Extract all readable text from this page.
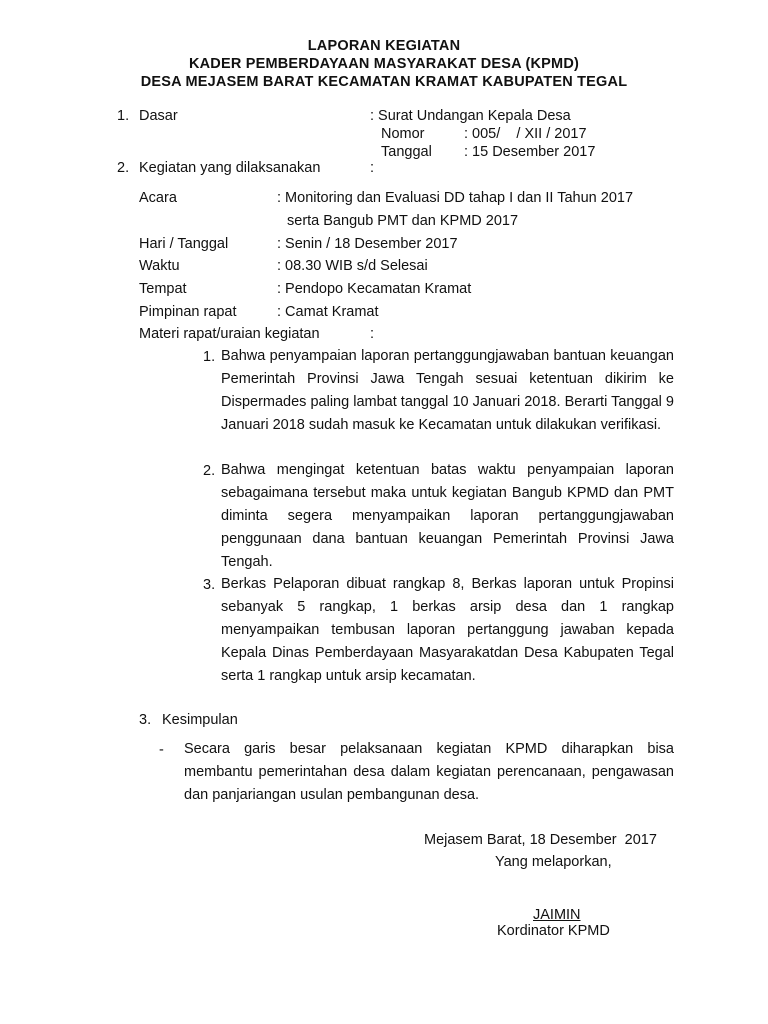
LAPORAN KEGIATAN
KADER PEMBERDAYAAN MASYARAKAT DESA (KPMD)
DESA MEJASEM BARAT KECAMATAN KRAMAT KABUPATEN TEGAL
1. Dasar	: Surat Undangan Kepala Desa
Nomor	: 005/    / XII / 2017
Tanggal : 15 Desember 2017
2. Kegiatan yang dilaksanakan	:
Acara	: Monitoring dan Evaluasi DD tahap I dan II Tahun 2017
serta Bangub PMT dan KPMD 2017
Hari / Tanggal	: Senin / 18 Desember 2017
Waktu	: 08.30 WIB s/d Selesai
Tempat	: Pendopo Kecamatan Kramat
Pimpinan rapat	: Camat Kramat
Materi rapat/uraian kegiatan	:
1. Bahwa penyampaian laporan pertanggungjawaban bantuan keuangan Pemerintah Provinsi Jawa Tengah sesuai ketentuan dikirim ke Dispermades paling lambat tanggal 10 Januari 2018. Berarti Tanggal 9 Januari 2018 sudah masuk ke Kecamatan untuk dilakukan verifikasi.

2. Bahwa mengingat ketentuan batas waktu penyampaian laporan sebagaimana tersebut maka untuk kegiatan Bangub KPMD dan PMT diminta segera menyampaikan laporan pertanggungjawaban penggunaan dana bantuan keuangan Pemerintah Provinsi Jawa Tengah.

3. Berkas Pelaporan dibuat rangkap 8, Berkas laporan untuk Propinsi sebanyak 5 rangkap, 1 berkas arsip desa dan 1 rangkap menyampaikan tembusan laporan pertanggung jawaban kepada Kepala Dinas Pemberdayaan Masyarakatdan Desa Kabupaten Tegal serta 1 rangkap untuk arsip kecamatan.

3. Kesimpulan
- Secara garis besar pelaksanaan kegiatan KPMD diharapkan bisa membantu pemerintahan desa dalam kegiatan perencanaan, pengawasan dan panjariangan usulan pembangunan desa.

Mejasem Barat, 18 Desember  2017
Yang melaporkan,
JAIMIN
Kordinator KPMD
